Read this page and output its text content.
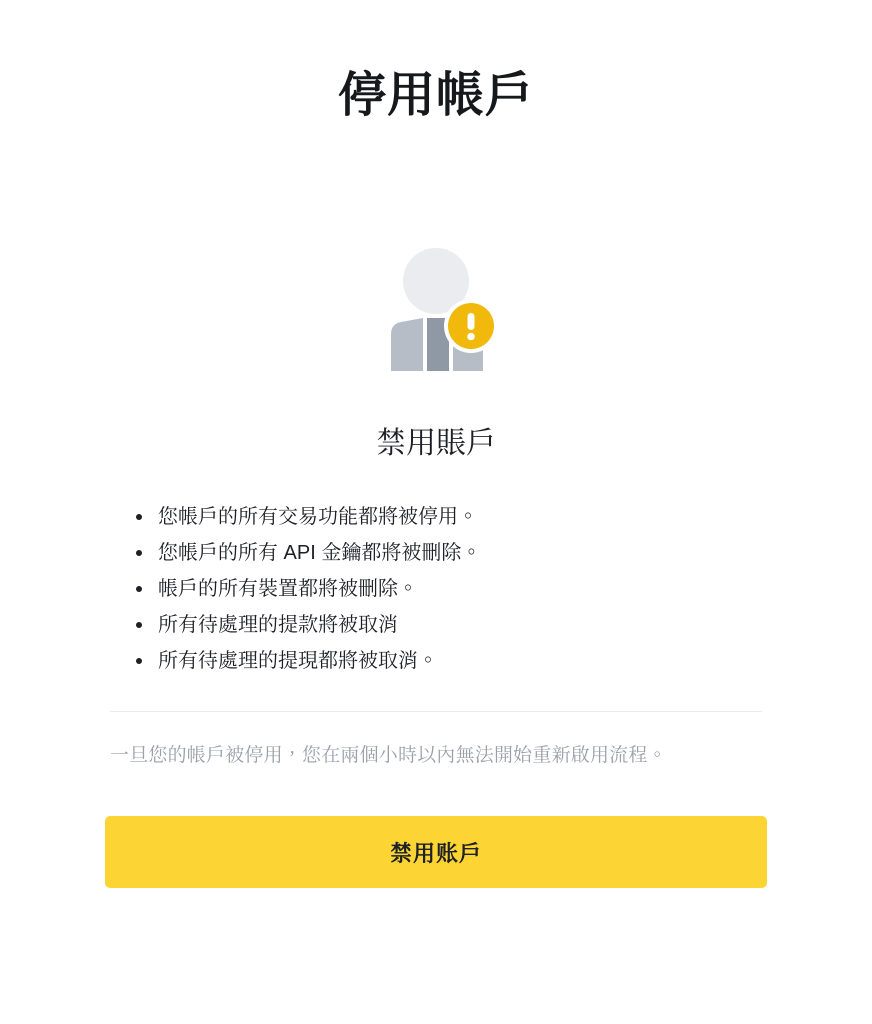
停用帳戶
禁用賬戶
您帳戶的所有交易功能都將被停用。
您帳戶的所有 API 金鑰都將被刪除。
帳戶的所有裝置都將被刪除。
所有待處理的提款將被取消
所有待處理的提現都將被取消。

一旦您的帳戶被停用，您在兩個小時以內無法開始重新啟用流程。

禁用账户
